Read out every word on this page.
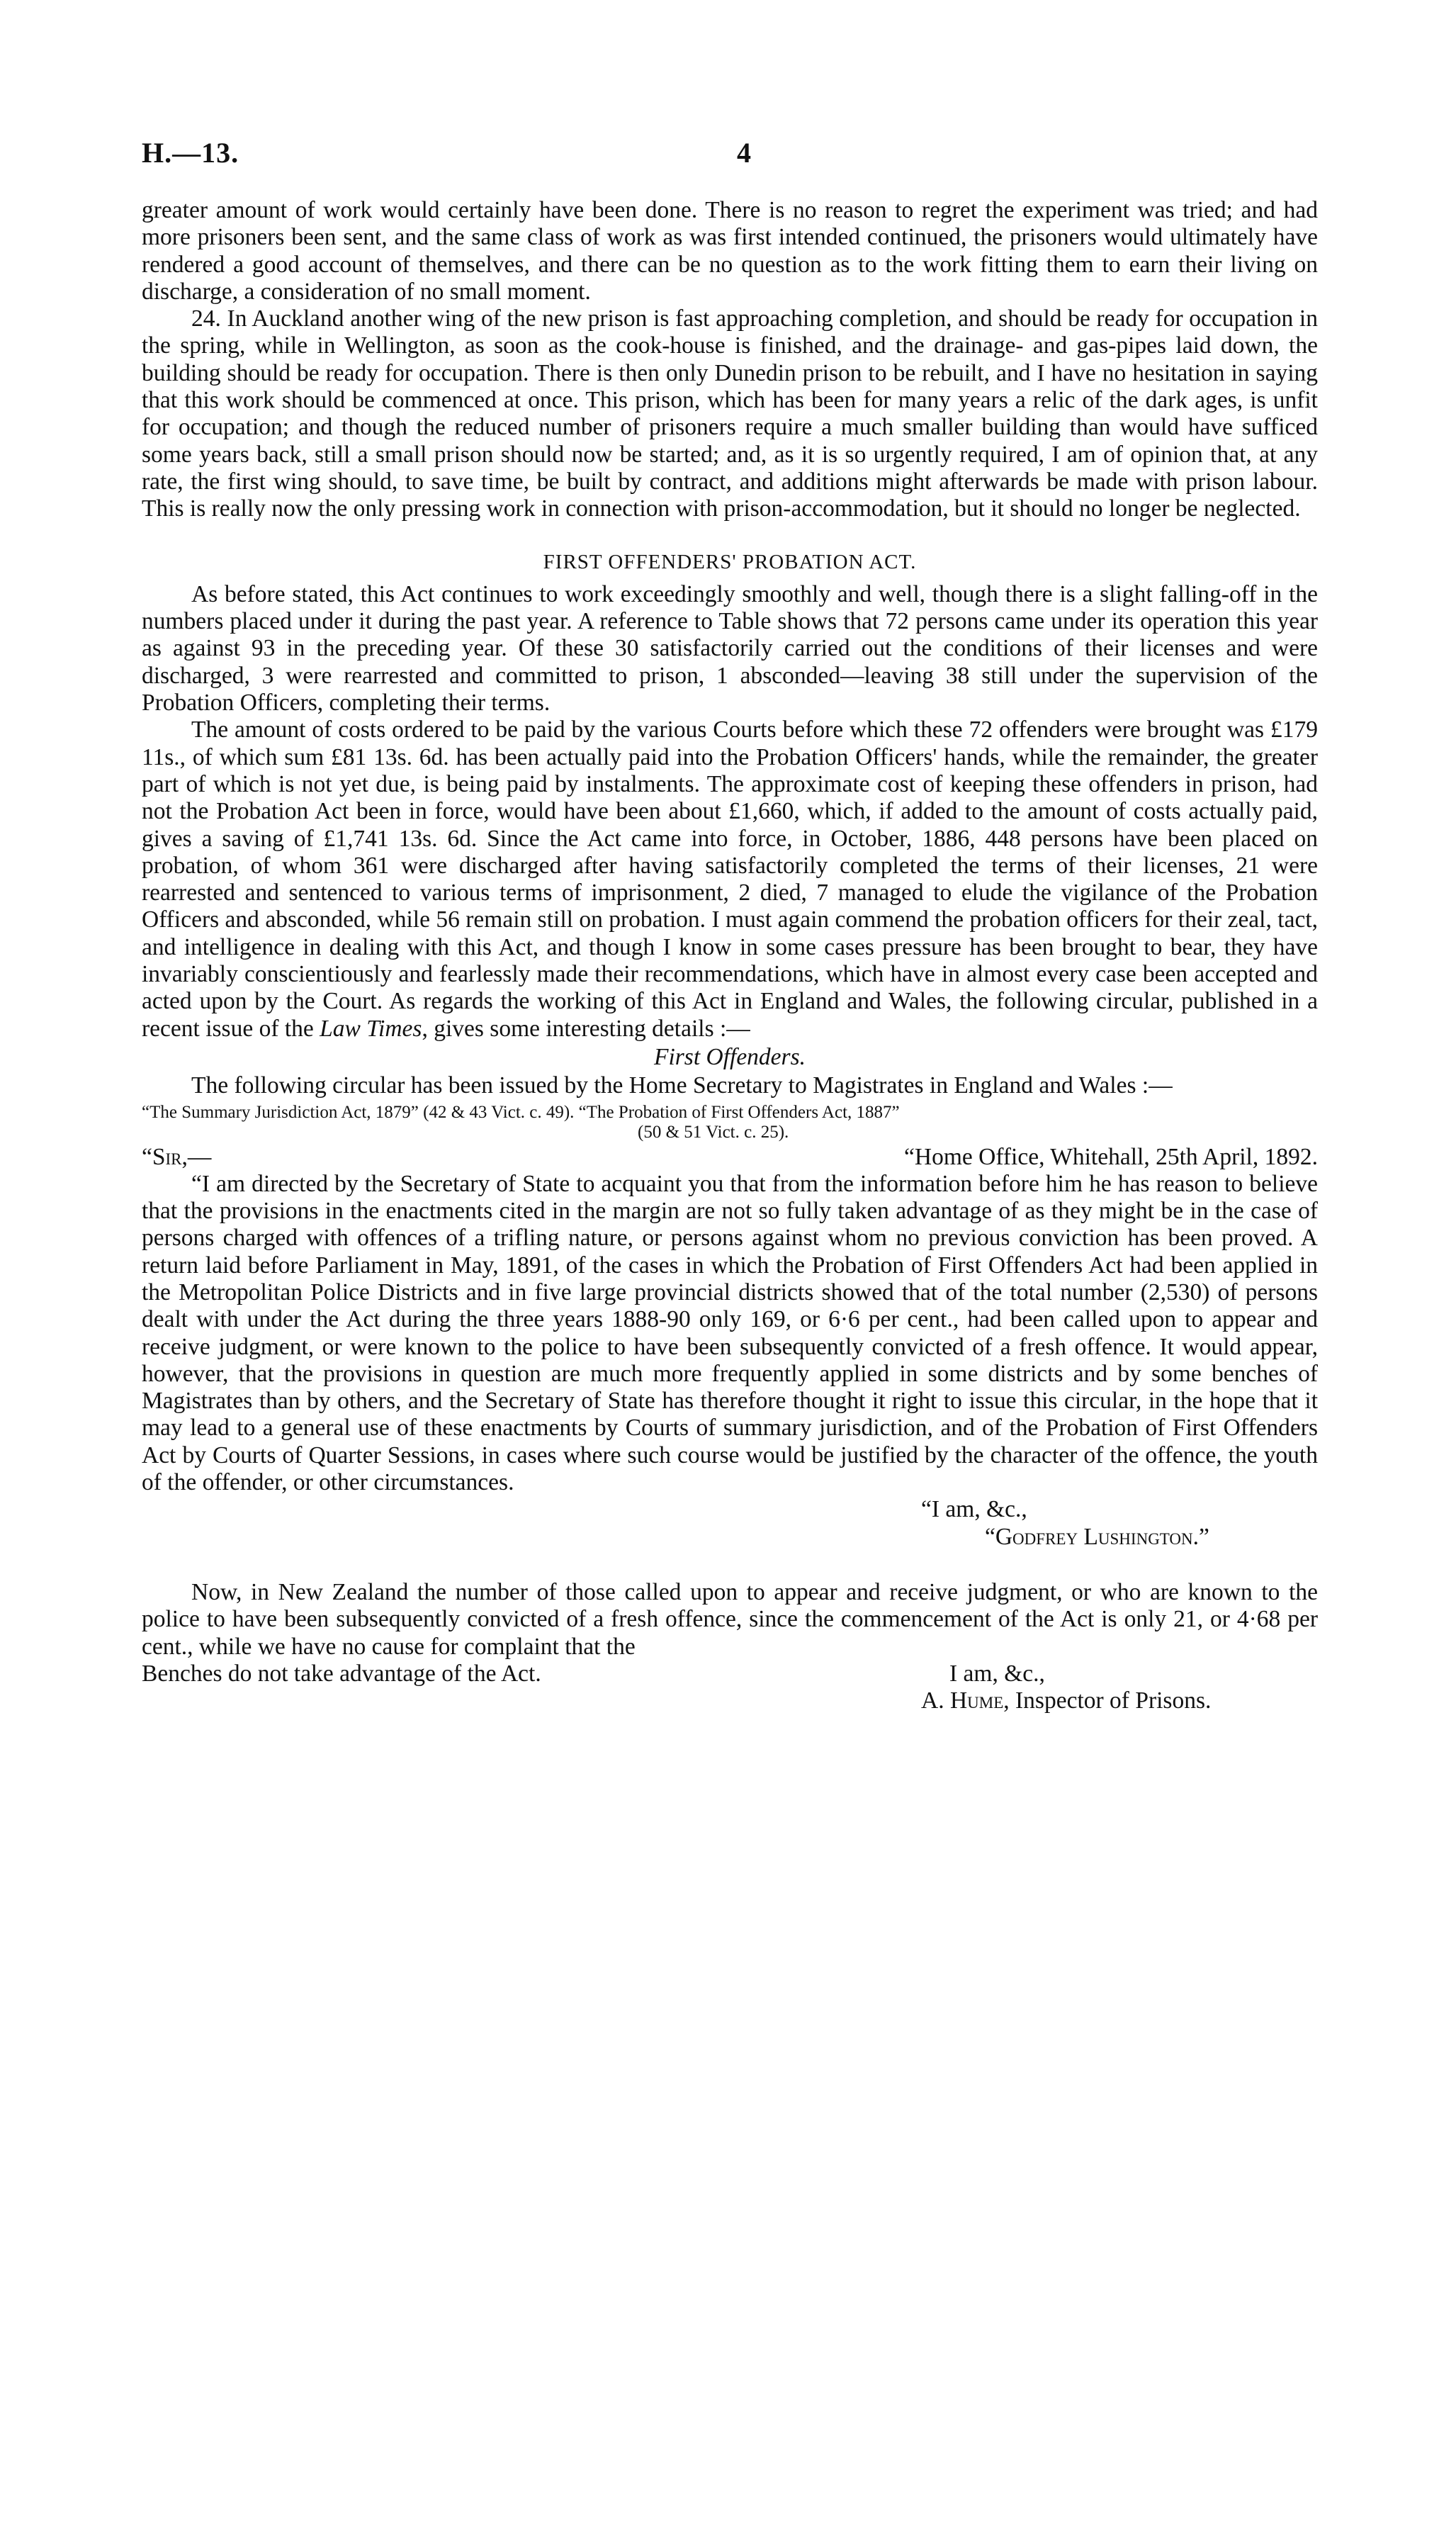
H.—13.	4

greater amount of work would certainly have been done. There is no reason to regret the experiment was tried; and had more prisoners been sent, and the same class of work as was first intended continued, the prisoners would ultimately have rendered a good account of themselves, and there can be no question as to the work fitting them to earn their living on discharge, a consideration of no small moment.

24. In Auckland another wing of the new prison is fast approaching completion, and should be ready for occupation in the spring, while in Wellington, as soon as the cook-house is finished, and the drainage- and gas-pipes laid down, the building should be ready for occupation. There is then only Dunedin prison to be rebuilt, and I have no hesitation in saying that this work should be commenced at once. This prison, which has been for many years a relic of the dark ages, is unfit for occupation; and though the reduced number of prisoners require a much smaller building than would have sufficed some years back, still a small prison should now be started; and, as it is so urgently required, I am of opinion that, at any rate, the first wing should, to save time, be built by contract, and additions might afterwards be made with prison labour. This is really now the only pressing work in connection with prison-accommodation, but it should no longer be neglected.

FIRST OFFENDERS' PROBATION ACT.

As before stated, this Act continues to work exceedingly smoothly and well, though there is a slight falling-off in the numbers placed under it during the past year. A reference to Table shows that 72 persons came under its operation this year as against 93 in the preceding year. Of these 30 satisfactorily carried out the conditions of their licenses and were discharged, 3 were rearrested and committed to prison, 1 absconded—leaving 38 still under the supervision of the Probation Officers, completing their terms.

The amount of costs ordered to be paid by the various Courts before which these 72 offenders were brought was £179 11s., of which sum £81 13s. 6d. has been actually paid into the Probation Officers' hands, while the remainder, the greater part of which is not yet due, is being paid by instalments. The approximate cost of keeping these offenders in prison, had not the Probation Act been in force, would have been about £1,660, which, if added to the amount of costs actually paid, gives a saving of £1,741 13s. 6d. Since the Act came into force, in October, 1886, 448 persons have been placed on probation, of whom 361 were discharged after having satisfactorily completed the terms of their licenses, 21 were rearrested and sentenced to various terms of imprisonment, 2 died, 7 managed to elude the vigilance of the Probation Officers and absconded, while 56 remain still on probation. I must again commend the probation officers for their zeal, tact, and intelligence in dealing with this Act, and though I know in some cases pressure has been brought to bear, they have invariably conscientiously and fearlessly made their recommendations, which have in almost every case been accepted and acted upon by the Court. As regards the working of this Act in England and Wales, the following circular, published in a recent issue of the Law Times, gives some interesting details :—

First Offenders.

The following circular has been issued by the Home Secretary to Magistrates in England and Wales :—

“The Summary Jurisdiction Act, 1879” (42 & 43 Vict. c. 49). “The Probation of First Offenders Act, 1887”
(50 & 51 Vict. c. 25).

“Sir,—	“Home Office, Whitehall, 25th April, 1892.

“I am directed by the Secretary of State to acquaint you that from the information before him he has reason to believe that the provisions in the enactments cited in the margin are not so fully taken advantage of as they might be in the case of persons charged with offences of a trifling nature, or persons against whom no previous conviction has been proved. A return laid before Parliament in May, 1891, of the cases in which the Probation of First Offenders Act had been applied in the Metropolitan Police Districts and in five large provincial districts showed that of the total number (2,530) of persons dealt with under the Act during the three years 1888-90 only 169, or 6·6 per cent., had been called upon to appear and receive judgment, or were known to the police to have been subsequently convicted of a fresh offence. It would appear, however, that the provisions in question are much more frequently applied in some districts and by some benches of Magistrates than by others, and the Secretary of State has therefore thought it right to issue this circular, in the hope that it may lead to a general use of these enactments by Courts of summary jurisdiction, and of the Probation of First Offenders Act by Courts of Quarter Sessions, in cases where such course would be justified by the character of the offence, the youth of the offender, or other circumstances.

“I am, &c.,

“Godfrey Lushington.”

Now, in New Zealand the number of those called upon to appear and receive judgment, or who are known to the police to have been subsequently convicted of a fresh offence, since the commencement of the Act is only 21, or 4·68 per cent., while we have no cause for complaint that the

Benches do not take advantage of the Act.	I am, &c.,

A. Hume, Inspector of Prisons.
